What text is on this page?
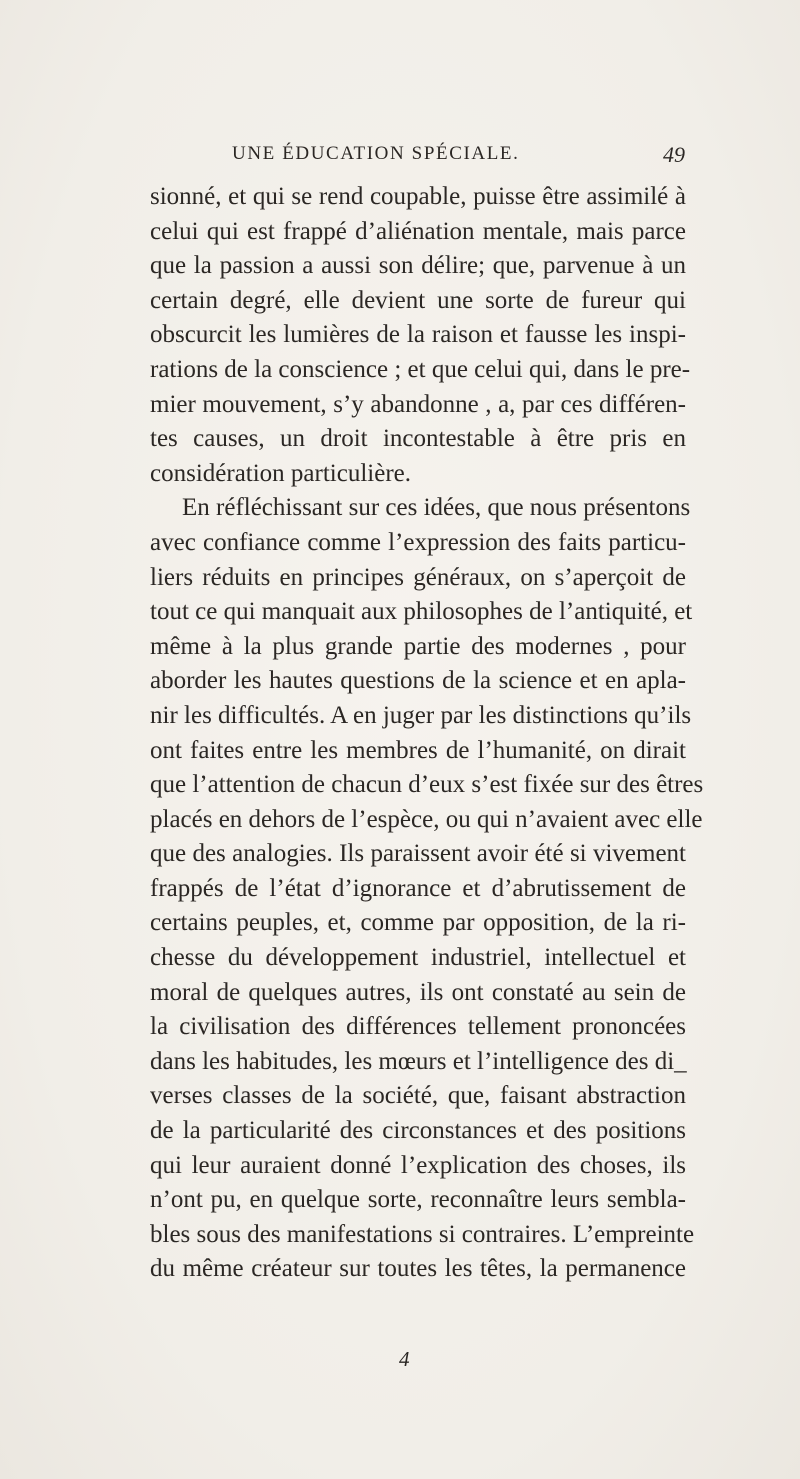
UNE ÉDUCATION SPÉCIALE.	49
sionné, et qui se rend coupable, puisse être assimilé à
celui qui est frappé d’aliénation mentale, mais parce
que la passion a aussi son délire; que, parvenue à un
certain degré, elle devient une sorte de fureur qui
obscurcit les lumières de la raison et fausse les inspi-
rations de la conscience ; et que celui qui, dans le pre-
mier mouvement, s’y abandonne , a, par ces différen-
tes causes, un droit incontestable à être pris en
considération particulière.
En réfléchissant sur ces idées, que nous présentons
avec confiance comme l’expression des faits particu-
liers réduits en principes généraux, on s’aperçoit de
tout ce qui manquait aux philosophes de l’antiquité, et
même à la plus grande partie des modernes , pour
aborder les hautes questions de la science et en apla-
nir les difficultés. A en juger par les distinctions qu’ils
ont faites entre les membres de l’humanité, on dirait
que l’attention de chacun d’eux s’est fixée sur des êtres
placés en dehors de l’espèce, ou qui n’avaient avec elle
que des analogies. Ils paraissent avoir été si vivement
frappés de l’état d’ignorance et d’abrutissement de
certains peuples, et, comme par opposition, de la ri-
chesse du développement industriel, intellectuel et
moral de quelques autres, ils ont constaté au sein de
la civilisation des différences tellement prononcées
dans les habitudes, les mœurs et l’intelligence des di_
verses classes de la société, que, faisant abstraction
de la particularité des circonstances et des positions
qui leur auraient donné l’explication des choses, ils
n’ont pu, en quelque sorte, reconnaître leurs sembla-
bles sous des manifestations si contraires. L’empreinte
du même créateur sur toutes les têtes, la permanence
4
